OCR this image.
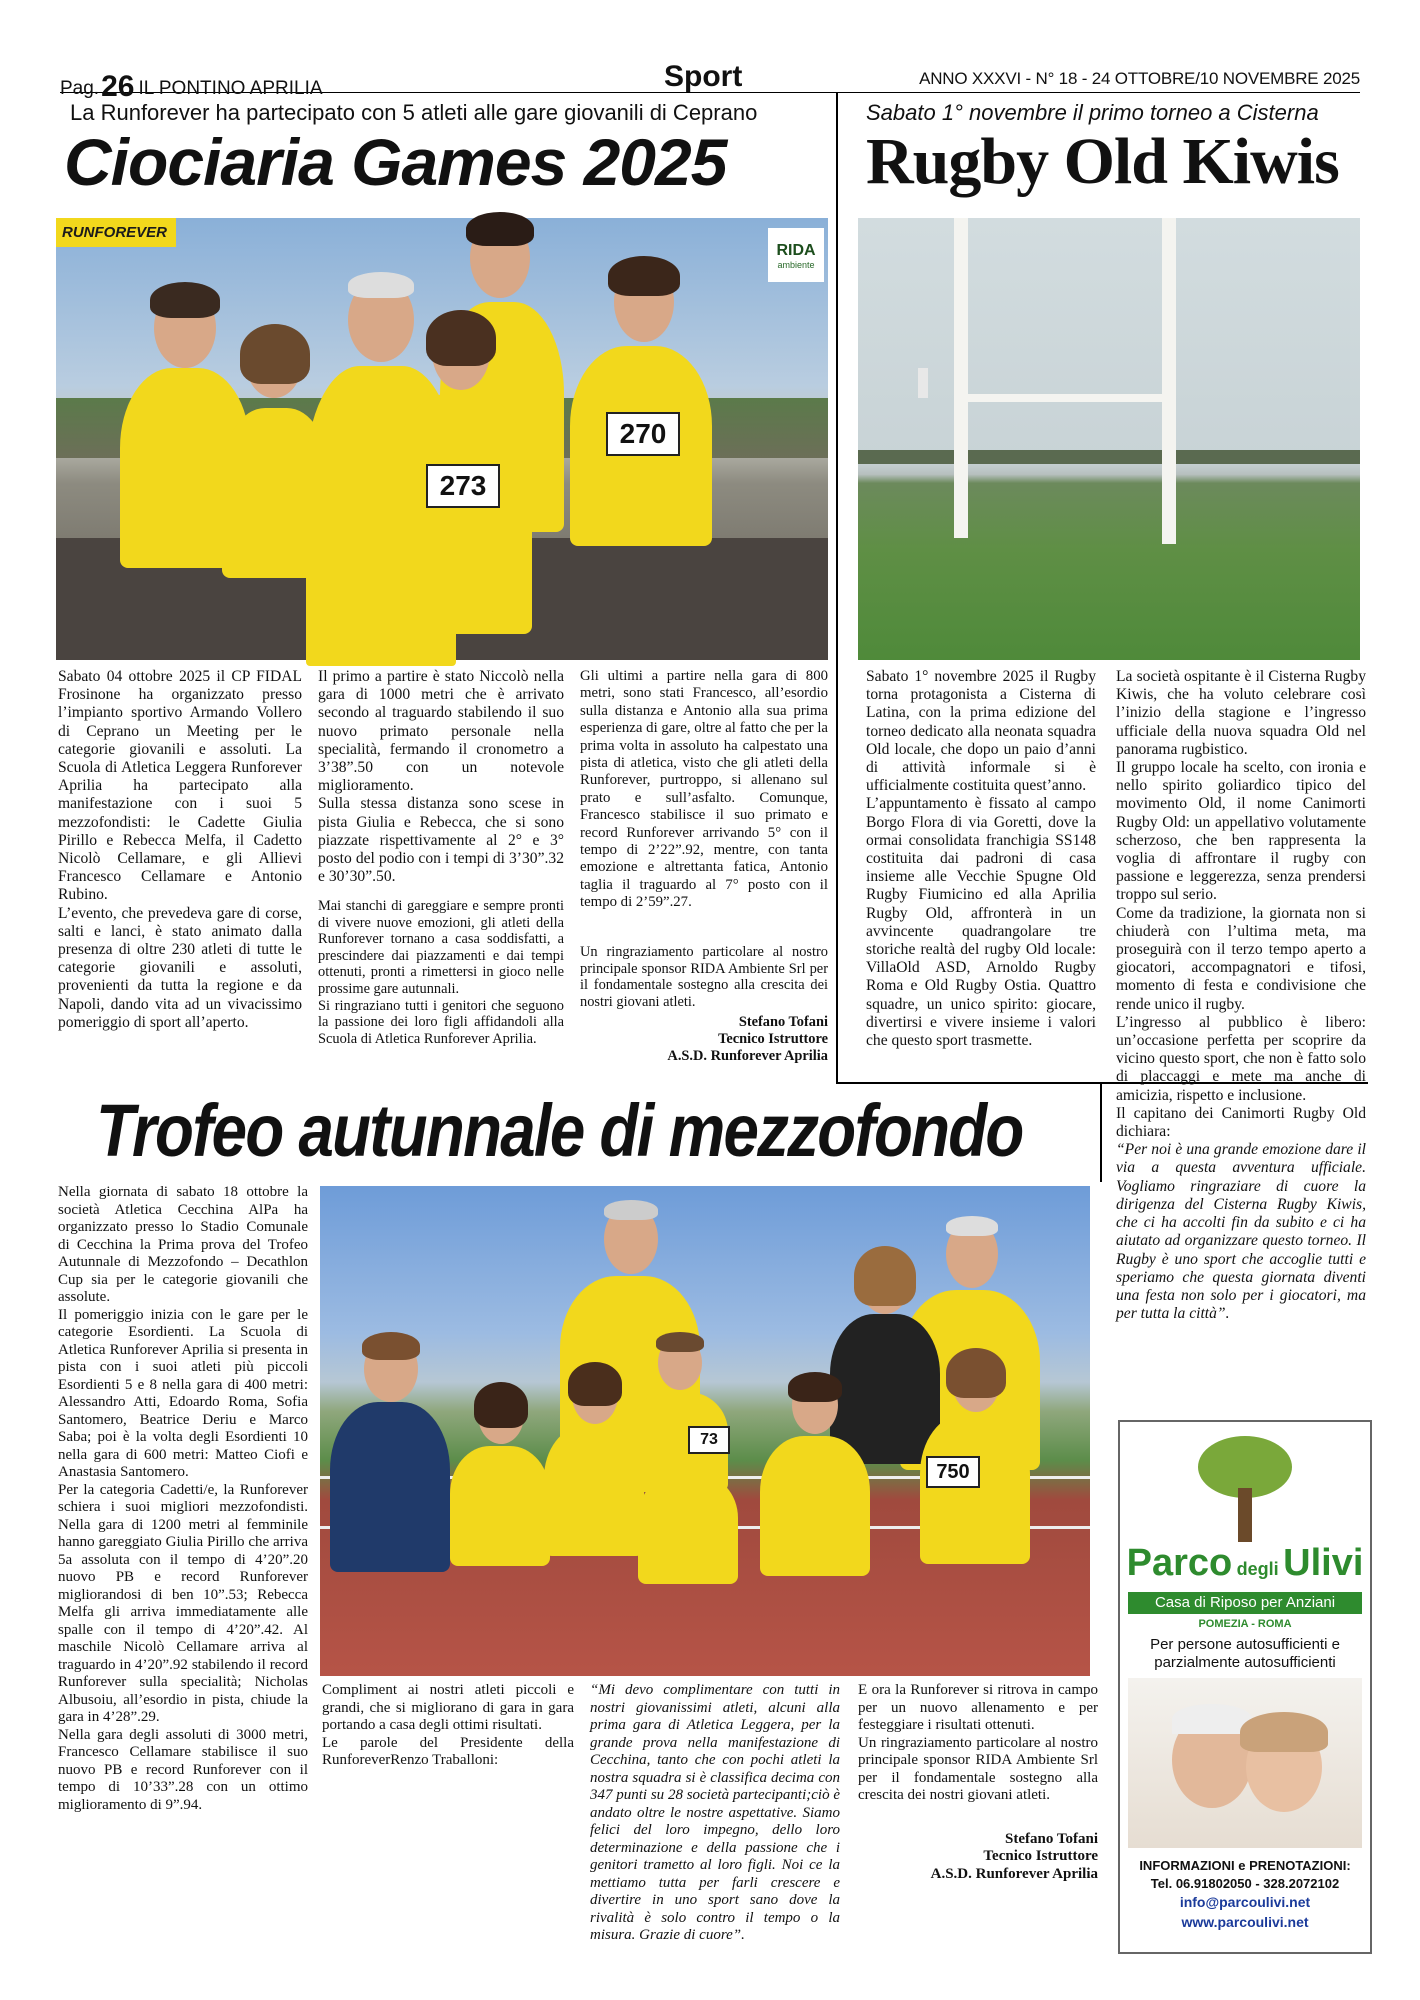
Pag.26 IL PONTINO APRILIA	Sport	ANNO XXXVI - N° 18 - 24 OTTOBRE/10 NOVEMBRE 2025
La Runforever ha partecipato con 5 atleti alle gare giovanili di Ceprano
Ciociaria Games 2025
RUNFOREVER
RIDA
ambiente
273
270

Sabato 04 ottobre 2025 il CP FIDAL Frosinone ha organizzato presso l’impianto sportivo Armando Vollero di Ceprano un Meeting per le categorie giovanili e assoluti. La Scuola di Atletica Leggera Runforever Aprilia ha partecipato alla manifestazione con i suoi 5 mezzofondisti: le Cadette Giulia Pirillo e Rebecca Melfa, il Cadetto Nicolò Cellamare, e gli Allievi Francesco Cellamare e Antonio Rubino.

L’evento, che prevedeva gare di corse, salti e lanci, è stato animato dalla presenza di oltre 230 atleti di tutte le categorie giovanili e assoluti, provenienti da tutta la regione e da Napoli, dando vita ad un vivacissimo pomeriggio di sport all’aperto.

Il primo a partire è stato Niccolò nella gara di 1000 metri che è arrivato secondo al traguardo stabilendo il suo nuovo primato personale nella specialità, fermando il cronometro a 3’38”.50 con un notevole miglioramento.

Sulla stessa distanza sono scese in pista Giulia e Rebecca, che si sono piazzate rispettivamente al 2° e 3° posto del podio con i tempi di 3’30”.32 e 30’30”.50.

Gli ultimi a partire nella gara di 800 metri, sono stati Francesco, all’esordio sulla distanza e Antonio alla sua prima esperienza di gare, oltre al fatto che per la prima volta in assoluto ha calpestato una pista di atletica, visto che gli atleti della Runforever, purtroppo, si allenano sul prato e sull’asfalto. Comunque, Francesco stabilisce il suo primato e record Runforever arrivando 5° con il tempo di 2’22”.92, mentre, con tanta emozione e altrettanta fatica, Antonio taglia il traguardo al 7° posto con il tempo di 2’59”.27.

Sabato 1° novembre il primo torneo a Cisterna
Rugby Old Kiwis

Sabato 1° novembre 2025 il Rugby torna protagonista a Cisterna di Latina, con la prima edizione del torneo dedicato alla neonata squadra Old locale, che dopo un paio d’anni di attività informale si è ufficialmente costituita quest’anno.

L’appuntamento è fissato al campo Borgo Flora di via Goretti, dove la ormai consolidata franchigia SS148 costituita dai padroni di casa insieme alle Vecchie Spugne Old Rugby Fiumicino ed alla Aprilia Rugby Old, affronterà in un avvincente quadrangolare tre storiche realtà del rugby Old locale: VillaOld ASD, Arnoldo Rugby Roma e Old Rugby Ostia. Quattro squadre, un unico spirito: giocare, divertirsi e vivere insieme i valori che questo sport trasmette.

La società ospitante è il Cisterna Rugby Kiwis, che ha voluto celebrare così l’inizio della stagione e l’ingresso ufficiale della nuova squadra Old nel panorama rugbistico.

Il gruppo locale ha scelto, con ironia e nello spirito goliardico tipico del movimento Old, il nome Canimorti Rugby Old: un appellativo volutamente scherzoso, che ben rappresenta la voglia di affrontare il rugby con passione e leggerezza, senza prendersi troppo sul serio.

Come da tradizione, la giornata non si chiuderà con l’ultima meta, ma proseguirà con il terzo tempo aperto a giocatori, accompagnatori e tifosi, momento di festa e condivisione che rende unico il rugby.

L’ingresso al pubblico è libero: un’occasione perfetta per scoprire da vicino questo sport, che non è fatto solo di placcaggi e mete ma anche di amicizia, rispetto e inclusione.

Il capitano dei Canimorti Rugby Old dichiara:

“Per noi è una grande emozione dare il via a questa avventura ufficiale. Vogliamo ringraziare di cuore la dirigenza del Cisterna Rugby Kiwis, che ci ha accolti fin da subito e ci ha aiutato ad organizzare questo torneo. Il Rugby è uno sport che accoglie tutti e speriamo che questa giornata diventi una festa non solo per i giocatori, ma per tutta la città”.

Trofeo autunnale di mezzofondo

Nella giornata di sabato 18 ottobre la società Atletica Cecchina AlPa ha organizzato presso lo Stadio Comunale di Cecchina la Prima prova del Trofeo Autunnale di Mezzofondo – Decathlon Cup sia per le categorie giovanili che assolute.

Il pomeriggio inizia con le gare per le categorie Esordienti. La Scuola di Atletica Runforever Aprilia si presenta in pista con i suoi atleti più piccoli Esordienti 5 e 8 nella gara di 400 metri: Alessandro Atti, Edoardo Roma, Sofia Santomero, Beatrice Deriu e Marco Saba; poi è la volta degli Esordienti 10 nella gara di 600 metri: Matteo Ciofi e Anastasia Santomero.

Per la categoria Cadetti/e, la Runforever schiera i suoi migliori mezzofondisti. Nella gara di 1200 metri al femminile hanno gareggiato Giulia Pirillo che arriva 5a assoluta con il tempo di 4’20”.20 nuovo PB e record Runforever migliorandosi di ben 10”.53; Rebecca Melfa gli arriva immediatamente alle spalle con il tempo di 4’20”.42. Al maschile Nicolò Cellamare arriva al traguardo in 4’20”.92 stabilendo il record Runforever sulla specialità; Nicholas Albusoiu, all’esordio in pista, chiude la gara in 4’28”.29.

Nella gara degli assoluti di 3000 metri, Francesco Cellamare stabilisce il suo nuovo PB e record Runforever con il tempo di 10’33”.28 con un ottimo miglioramento di 9”.94.

73
750

Compliment ai nostri atleti piccoli e grandi, che si migliorano di gara in gara portando a casa degli ottimi risultati.

Le parole del Presidente della RunforeverRenzo Traballoni:

“Mi devo complimentare con tutti in nostri giovanissimi atleti, alcuni alla prima gara di Atletica Leggera, per la grande prova nella manifestazione di Cecchina, tanto che con pochi atleti la nostra squadra si è classifica decima con 347 punti su 28 società partecipanti;ciò è andato oltre le nostre aspettative. Siamo felici del loro impegno, dello loro determinazione e della passione che i genitori trametto al loro figli. Noi ce la mettiamo tutta per farli crescere e divertire in uno sport sano dove la rivalità è solo contro il tempo o la misura. Grazie di cuore”.

E ora la Runforever si ritrova in campo per un nuovo allenamento e per festeggiare i risultati ottenuti.

Un ringraziamento particolare al nostro principale sponsor RIDA Ambiente Srl per il fondamentale sostegno alla crescita dei nostri giovani atleti.

Stefano Tofani

Tecnico Istruttore

A.S.D. Runforever Aprilia

Parco degli Ulivi
Casa di Riposo per Anziani
POMEZIA - ROMA
Per persone autosufficienti e parzialmente autosufficienti
INFORMAZIONI e PRENOTAZIONI:
Tel. 06.91802050 - 328.2072102
info@parcoulivi.net
www.parcoulivi.net

Mai stanchi di gareggiare e sempre pronti di vivere nuove emozioni, gli atleti della Runforever tornano a casa soddisfatti, a prescindere dai piazzamenti e dai tempi ottenuti, pronti a rimettersi in gioco nelle prossime gare autunnali.

Si ringraziano tutti i genitori che seguono la passione dei loro figli affidandoli alla Scuola di Atletica Runforever Aprilia.

Un ringraziamento particolare al nostro principale sponsor RIDA Ambiente Srl per il fondamentale sostegno alla crescita dei nostri giovani atleti.

Stefano Tofani

Tecnico Istruttore

A.S.D. Runforever Aprilia
